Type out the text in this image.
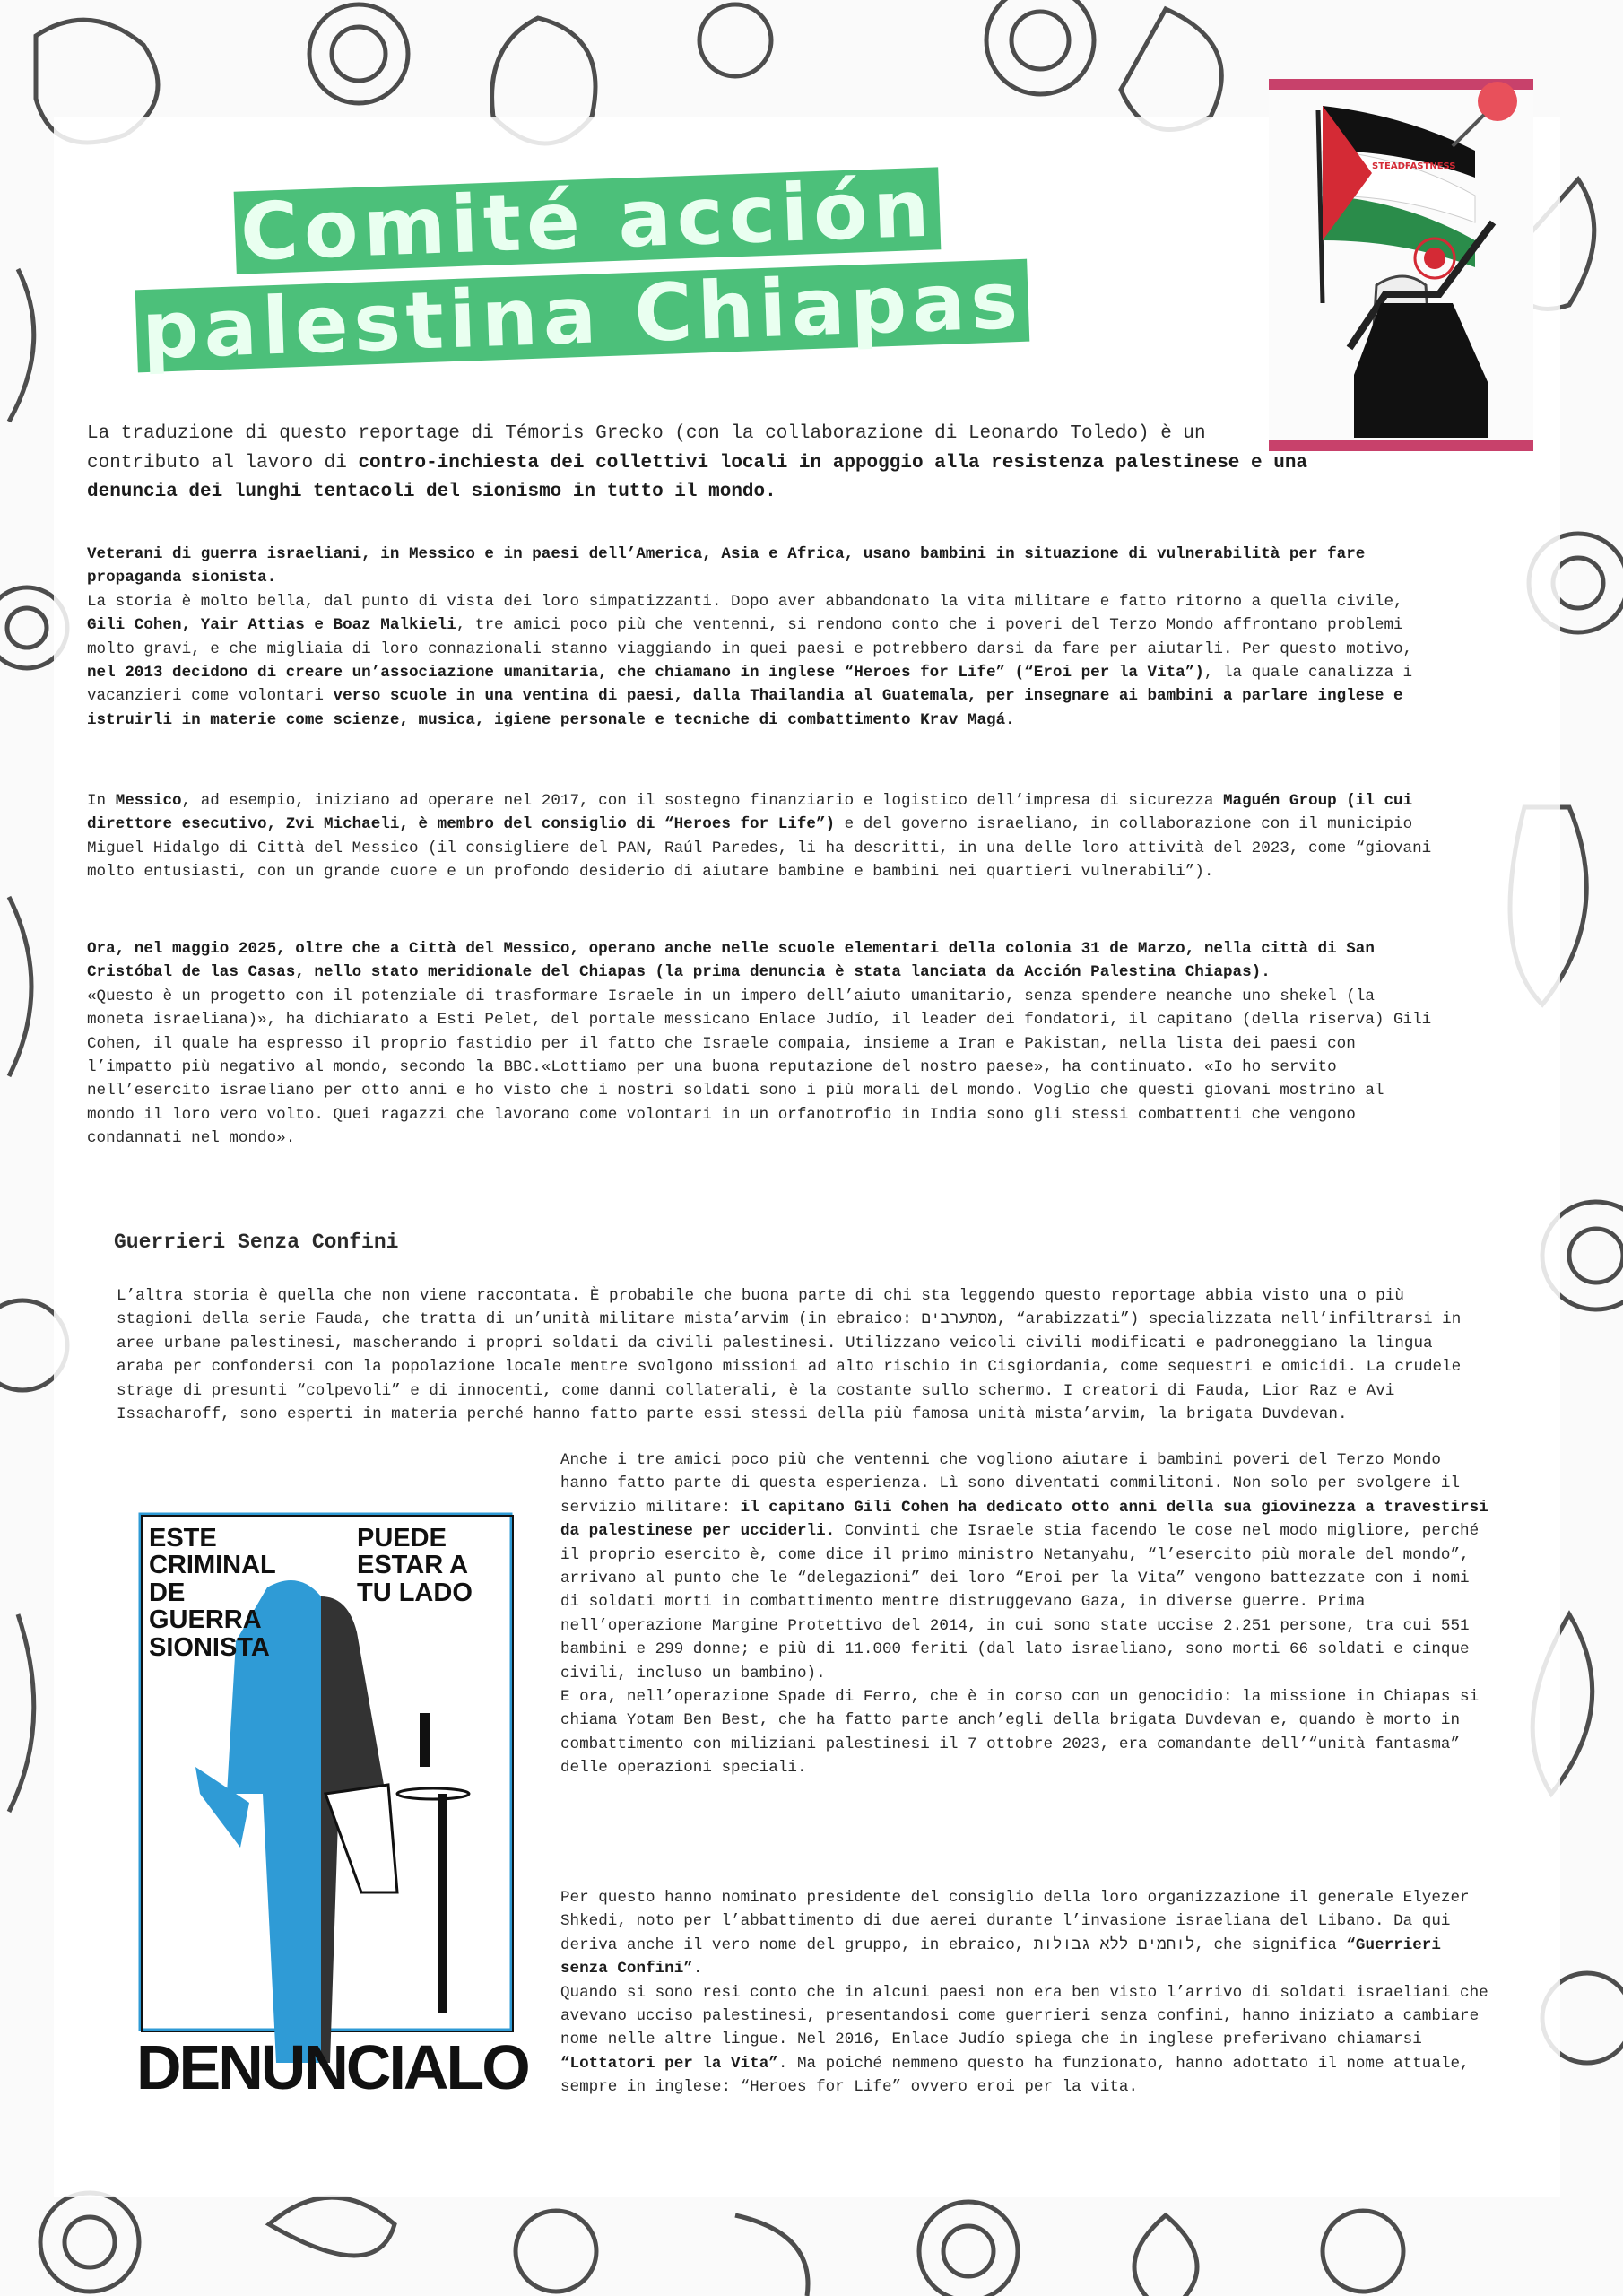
Comité acción
palestina Chiapas
STEADFASTNESS

La traduzione di questo reportage di Témoris Grecko (con la collaborazione di Leonardo Toledo) è un contributo al lavoro di contro-inchiesta dei collettivi locali in appoggio alla resistenza palestinese e una denuncia dei lunghi tentacoli del sionismo in tutto il mondo.

Veterani di guerra israeliani, in Messico e in paesi dell’America, Asia e Africa, usano bambini in situazione di vulnerabilità per fare propaganda sionista.

La storia è molto bella, dal punto di vista dei loro simpatizzanti. Dopo aver abbandonato la vita militare e fatto ritorno a quella civile, Gili Cohen, Yair Attias e Boaz Malkieli, tre amici poco più che ventenni, si rendono conto che i poveri del Terzo Mondo affrontano problemi molto gravi, e che migliaia di loro connazionali stanno viaggiando in quei paesi e potrebbero darsi da fare per aiutarli. Per questo motivo, nel 2013 decidono di creare un’associazione umanitaria, che chiamano in inglese “Heroes for Life” (“Eroi per la Vita”), la quale canalizza i vacanzieri come volontari verso scuole in una ventina di paesi, dalla Thailandia al Guatemala, per insegnare ai bambini a parlare inglese e istruirli in materie come scienze, musica, igiene personale e tecniche di combattimento Krav Magá.

In Messico, ad esempio, iniziano ad operare nel 2017, con il sostegno finanziario e logistico dell’impresa di sicurezza Maguén Group (il cui direttore esecutivo, Zvi Michaeli, è membro del consiglio di “Heroes for Life”) e del governo israeliano, in collaborazione con il municipio Miguel Hidalgo di Città del Messico (il consigliere del PAN, Raúl Paredes, li ha descritti, in una delle loro attività del 2023, come “giovani molto entusiasti, con un grande cuore e un profondo desiderio di aiutare bambine e bambini nei quartieri vulnerabili”).

Ora, nel maggio 2025, oltre che a Città del Messico, operano anche nelle scuole elementari della colonia 31 de Marzo, nella città di San Cristóbal de las Casas, nello stato meridionale del Chiapas (la prima denuncia è stata lanciata da Acción Palestina Chiapas).

«Questo è un progetto con il potenziale di trasformare Israele in un impero dell’aiuto umanitario, senza spendere neanche uno shekel (la moneta israeliana)», ha dichiarato a Esti Pelet, del portale messicano Enlace Judío, il leader dei fondatori, il capitano (della riserva) Gili Cohen, il quale ha espresso il proprio fastidio per il fatto che Israele compaia, insieme a Iran e Pakistan, nella lista dei paesi con l’impatto più negativo al mondo, secondo la BBC.«Lottiamo per una buona reputazione del nostro paese», ha continuato. «Io ho servito nell’esercito israeliano per otto anni e ho visto che i nostri soldati sono i più morali del mondo. Voglio che questi giovani mostrino al mondo il loro vero volto. Quei ragazzi che lavorano come volontari in un orfanotrofio in India sono gli stessi combattenti che vengono condannati nel mondo».

Guerrieri Senza Confini

L’altra storia è quella che non viene raccontata. È probabile che buona parte di chi sta leggendo questo reportage abbia visto una o più stagioni della serie Fauda, che tratta di un’unità militare mista’arvim (in ebraico: מסתערבים, “arabizzati”) specializzata nell’infiltrarsi in aree urbane palestinesi, mascherando i propri soldati da civili palestinesi. Utilizzano veicoli civili modificati e padroneggiano la lingua araba per confondersi con la popolazione locale mentre svolgono missioni ad alto rischio in Cisgiordania, come sequestri e omicidi. La crudele strage di presunti “colpevoli” e di innocenti, come danni collaterali, è la costante sullo schermo. I creatori di Fauda, Lior Raz e Avi Issacharoff, sono esperti in materia perché hanno fatto parte essi stessi della più famosa unità mista’arvim, la brigata Duvdevan.

ESTE CRIMINAL DE GUERRA SIONISTA
PUEDE ESTAR A TU LADO
DENUNCIALO

Anche i tre amici poco più che ventenni che vogliono aiutare i bambini poveri del Terzo Mondo hanno fatto parte di questa esperienza. Lì sono diventati commilitoni. Non solo per svolgere il servizio militare: il capitano Gili Cohen ha dedicato otto anni della sua giovinezza a travestirsi da palestinese per ucciderli. Convinti che Israele stia facendo le cose nel modo migliore, perché il proprio esercito è, come dice il primo ministro Netanyahu, “l’esercito più morale del mondo”, arrivano al punto che le “delegazioni” dei loro “Eroi per la Vita” vengono battezzate con i nomi di soldati morti in combattimento mentre distruggevano Gaza, in diverse guerre. Prima nell’operazione Margine Protettivo del 2014, in cui sono state uccise 2.251 persone, tra cui 551 bambini e 299 donne; e più di 11.000 feriti (dal lato israeliano, sono morti 66 soldati e cinque civili, incluso un bambino).

E ora, nell’operazione Spade di Ferro, che è in corso con un genocidio: la missione in Chiapas si chiama Yotam Ben Best, che ha fatto parte anch’egli della brigata Duvdevan e, quando è morto in combattimento con miliziani palestinesi il 7 ottobre 2023, era comandante dell’“unità fantasma” delle operazioni speciali.

Per questo hanno nominato presidente del consiglio della loro organizzazione il generale Elyezer Shkedi, noto per l’abbattimento di due aerei durante l’invasione israeliana del Libano. Da qui deriva anche il vero nome del gruppo, in ebraico, לוחמים ללא גבולות, che significa “Guerrieri senza Confini”.

Quando si sono resi conto che in alcuni paesi non era ben visto l’arrivo di soldati israeliani che avevano ucciso palestinesi, presentandosi come guerrieri senza confini, hanno iniziato a cambiare nome nelle altre lingue. Nel 2016, Enlace Judío spiega che in inglese preferivano chiamarsi “Lottatori per la Vita”. Ma poiché nemmeno questo ha funzionato, hanno adottato il nome attuale, sempre in inglese: “Heroes for Life” ovvero eroi per la vita.
